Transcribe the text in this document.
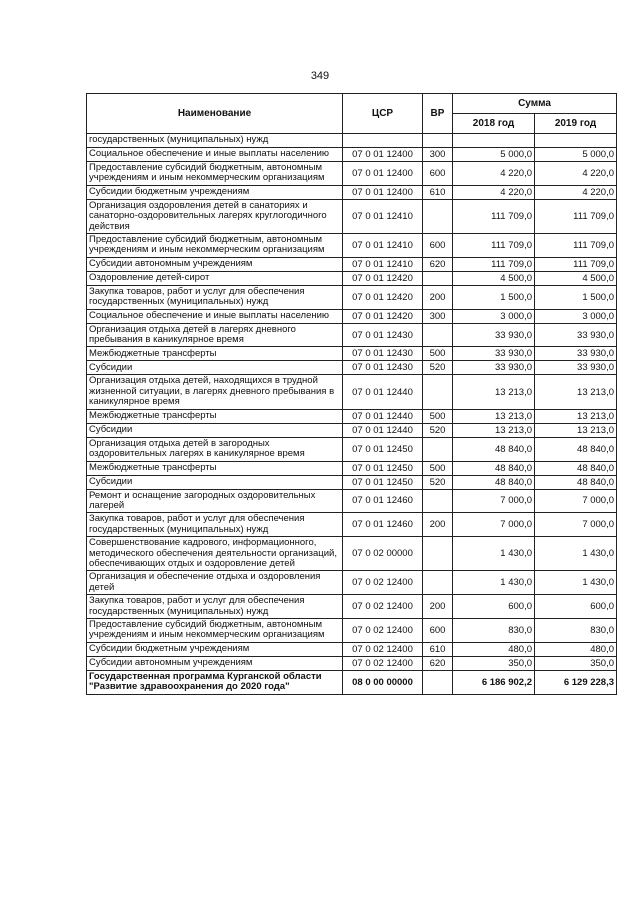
349
Наименование	ЦСР	ВР	Сумма	
			2018 год	2019 год
государственных (муниципальных) нужд				
Социальное обеспечение и иные выплаты населению	07 0 01 12400	300	5 000,0	5 000,0
Предоставление субсидий бюджетным, автономным учреждениям и иным некоммерческим организациям	07 0 01 12400	600	4 220,0	4 220,0
Субсидии бюджетным учреждениям	07 0 01 12400	610	4 220,0	4 220,0
Организация оздоровления детей в санаториях и санаторно-оздоровительных лагерях круглогодичного действия	07 0 01 12410		111 709,0	111 709,0
Предоставление субсидий бюджетным, автономным учреждениям и иным некоммерческим организациям	07 0 01 12410	600	111 709,0	111 709,0
Субсидии автономным учреждениям	07 0 01 12410	620	111 709,0	111 709,0
Оздоровление детей-сирот	07 0 01 12420		4 500,0	4 500,0
Закупка товаров, работ и услуг для обеспечения государственных (муниципальных) нужд	07 0 01 12420	200	1 500,0	1 500,0
Социальное обеспечение и иные выплаты населению	07 0 01 12420	300	3 000,0	3 000,0
Организация отдыха детей в лагерях дневного пребывания в каникулярное время	07 0 01 12430		33 930,0	33 930,0
Межбюджетные трансферты	07 0 01 12430	500	33 930,0	33 930,0
Субсидии	07 0 01 12430	520	33 930,0	33 930,0
Организация отдыха детей, находящихся в трудной жизненной ситуации, в лагерях дневного пребывания в каникулярное время	07 0 01 12440		13 213,0	13 213,0
Межбюджетные трансферты	07 0 01 12440	500	13 213,0	13 213,0
Субсидии	07 0 01 12440	520	13 213,0	13 213,0
Организация отдыха детей в загородных оздоровительных лагерях в каникулярное время	07 0 01 12450		48 840,0	48 840,0
Межбюджетные трансферты	07 0 01 12450	500	48 840,0	48 840,0
Субсидии	07 0 01 12450	520	48 840,0	48 840,0
Ремонт и оснащение загородных оздоровительных лагерей	07 0 01 12460		7 000,0	7 000,0
Закупка товаров, работ и услуг для обеспечения государственных (муниципальных) нужд	07 0 01 12460	200	7 000,0	7 000,0
Совершенствование кадрового, информационного, методического обеспечения деятельности организаций, обеспечивающих отдых и оздоровление детей	07 0 02 00000		1 430,0	1 430,0
Организация и обеспечение отдыха и оздоровления детей	07 0 02 12400		1 430,0	1 430,0
Закупка товаров, работ и услуг для обеспечения государственных (муниципальных) нужд	07 0 02 12400	200	600,0	600,0
Предоставление субсидий бюджетным, автономным учреждениям и иным некоммерческим организациям	07 0 02 12400	600	830,0	830,0
Субсидии бюджетным учреждениям	07 0 02 12400	610	480,0	480,0
Субсидии автономным учреждениям	07 0 02 12400	620	350,0	350,0
Государственная программа Курганской области "Развитие здравоохранения до 2020 года"	08 0 00 00000		6 186 902,2	6 129 228,3
